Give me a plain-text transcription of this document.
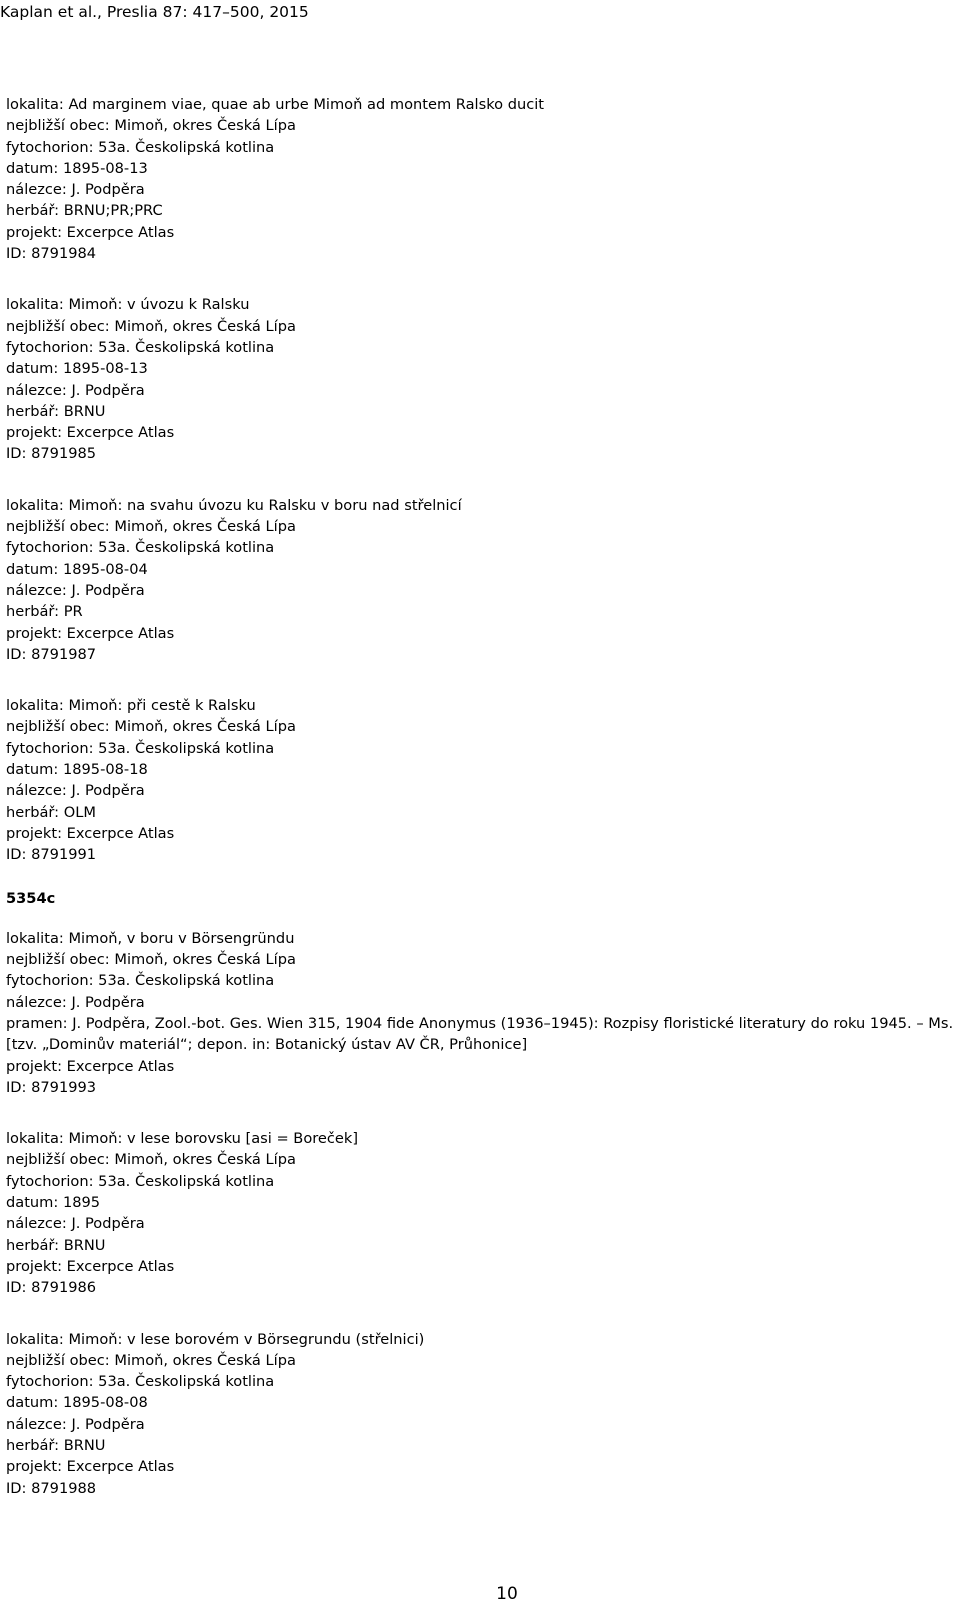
Kaplan et al., Preslia 87: 417–500, 2015
lokalita: Ad marginem viae, quae ab urbe Mimoň ad montem Ralsko ducit
nejbližší obec: Mimoň, okres Česká Lípa
fytochorion: 53a. Českolipská kotlina
datum: 1895-08-13
nálezce: J. Podpěra
herbář: BRNU;PR;PRC
projekt: Excerpce Atlas
ID: 8791984
lokalita: Mimoň: v úvozu k Ralsku
nejbližší obec: Mimoň, okres Česká Lípa
fytochorion: 53a. Českolipská kotlina
datum: 1895-08-13
nálezce: J. Podpěra
herbář: BRNU
projekt: Excerpce Atlas
ID: 8791985
lokalita: Mimoň: na svahu úvozu ku Ralsku v boru nad střelnicí
nejbližší obec: Mimoň, okres Česká Lípa
fytochorion: 53a. Českolipská kotlina
datum: 1895-08-04
nálezce: J. Podpěra
herbář: PR
projekt: Excerpce Atlas
ID: 8791987
lokalita: Mimoň: při cestě k Ralsku
nejbližší obec: Mimoň, okres Česká Lípa
fytochorion: 53a. Českolipská kotlina
datum: 1895-08-18
nálezce: J. Podpěra
herbář: OLM
projekt: Excerpce Atlas
ID: 8791991
5354c
lokalita: Mimoň, v boru v Börsengründu
nejbližší obec: Mimoň, okres Česká Lípa
fytochorion: 53a. Českolipská kotlina
nálezce: J. Podpěra
pramen: J. Podpěra, Zool.-bot. Ges. Wien 315, 1904 fide Anonymus (1936–1945): Rozpisy floristické literatury do roku 1945. – Ms. [tzv. „Dominův materiál“; depon. in: Botanický ústav AV ČR, Průhonice]
projekt: Excerpce Atlas
ID: 8791993
lokalita: Mimoň: v lese borovsku [asi = Boreček]
nejbližší obec: Mimoň, okres Česká Lípa
fytochorion: 53a. Českolipská kotlina
datum: 1895
nálezce: J. Podpěra
herbář: BRNU
projekt: Excerpce Atlas
ID: 8791986
lokalita: Mimoň: v lese borovém v Börsegrundu (střelnici)
nejbližší obec: Mimoň, okres Česká Lípa
fytochorion: 53a. Českolipská kotlina
datum: 1895-08-08
nálezce: J. Podpěra
herbář: BRNU
projekt: Excerpce Atlas
ID: 8791988
10
